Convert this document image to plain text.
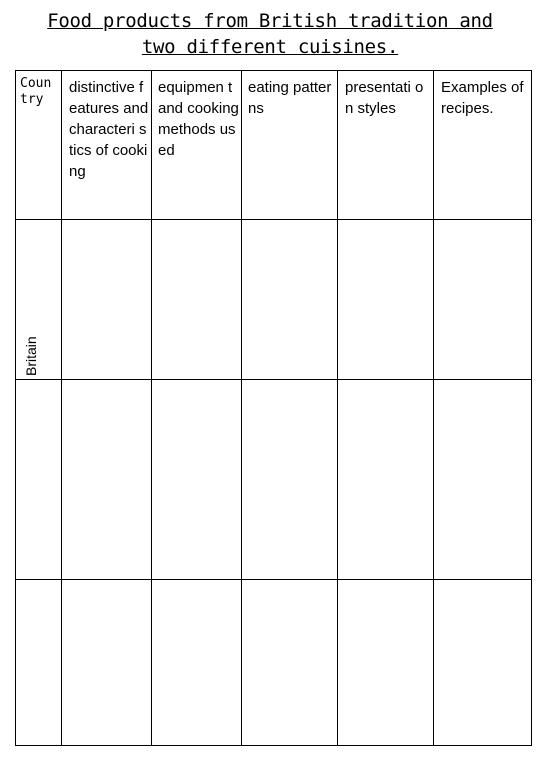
Food products from British tradition and
two different cuisines.
Coun try
distinctive features and characteri stics of cooking
equipmen t and cooking methods used
eating patterns
presentati on styles
Examples of recipes.
Britain
